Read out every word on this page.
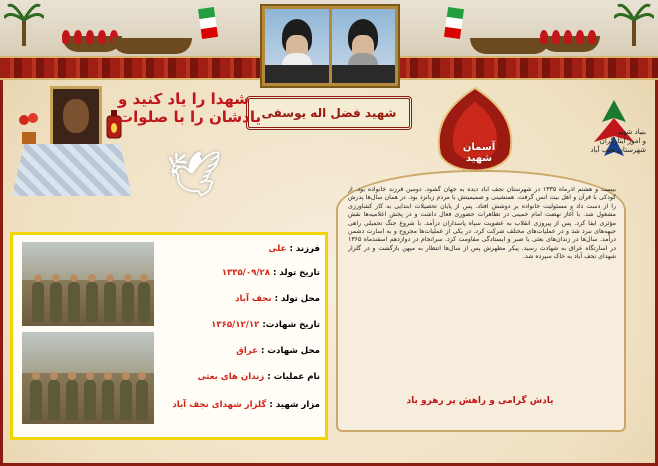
شهید فضل اله یوسفی
شهدا را یاد کنید و یادشان را با صلوات
🕊
آسمان شهید
بنیاد شهید
و امور ایثارگران
شهرستان نجف آباد
بیست و هشتم آذرماه ۱۳۳۵ در شهرستان نجف آباد دیده به جهان گشود. دومین فرزند خانواده بود. از کودکی با قرآن و اهل بیت انس گرفت. همنشینی و صمیمیتش با مردم زبانزد بود. در همان سال‌ها پدرش را از دست داد و مسئولیت خانواده بر دوشش افتاد. پس از پایان تحصیلات ابتدایی به کار کشاورزی مشغول شد. با آغاز نهضت امام خمینی در تظاهرات حضوری فعال داشت و در پخش اعلامیه‌ها نقش مؤثری ایفا کرد. پس از پیروزی انقلاب به عضویت سپاه پاسداران درآمد. با شروع جنگ تحمیلی راهی جبهه‌های نبرد شد و در عملیات‌های مختلف شرکت کرد. در یکی از عملیات‌ها مجروح و به اسارت دشمن درآمد. سال‌ها در زندان‌های بعثی با صبر و ایستادگی مقاومت کرد. سرانجام در دوازدهم اسفندماه ۱۳۶۵ در اسارتگاه عراق به شهادت رسید. پیکر مطهرش پس از سال‌ها انتظار به میهن بازگشت و در گلزار شهدای نجف آباد به خاک سپرده شد.
یادش گرامی و راهش پر رهرو باد
فرزند : علی
تاریخ تولد : ۱۳۳۵/۰۹/۲۸
محل تولد : نجف آباد
تاریخ شهادت: ۱۳۶۵/۱۲/۱۲
محل شهادت : عراق
نام عملیات : زندان های بعثی
مزار شهید : گلزار شهدای نجف آباد
